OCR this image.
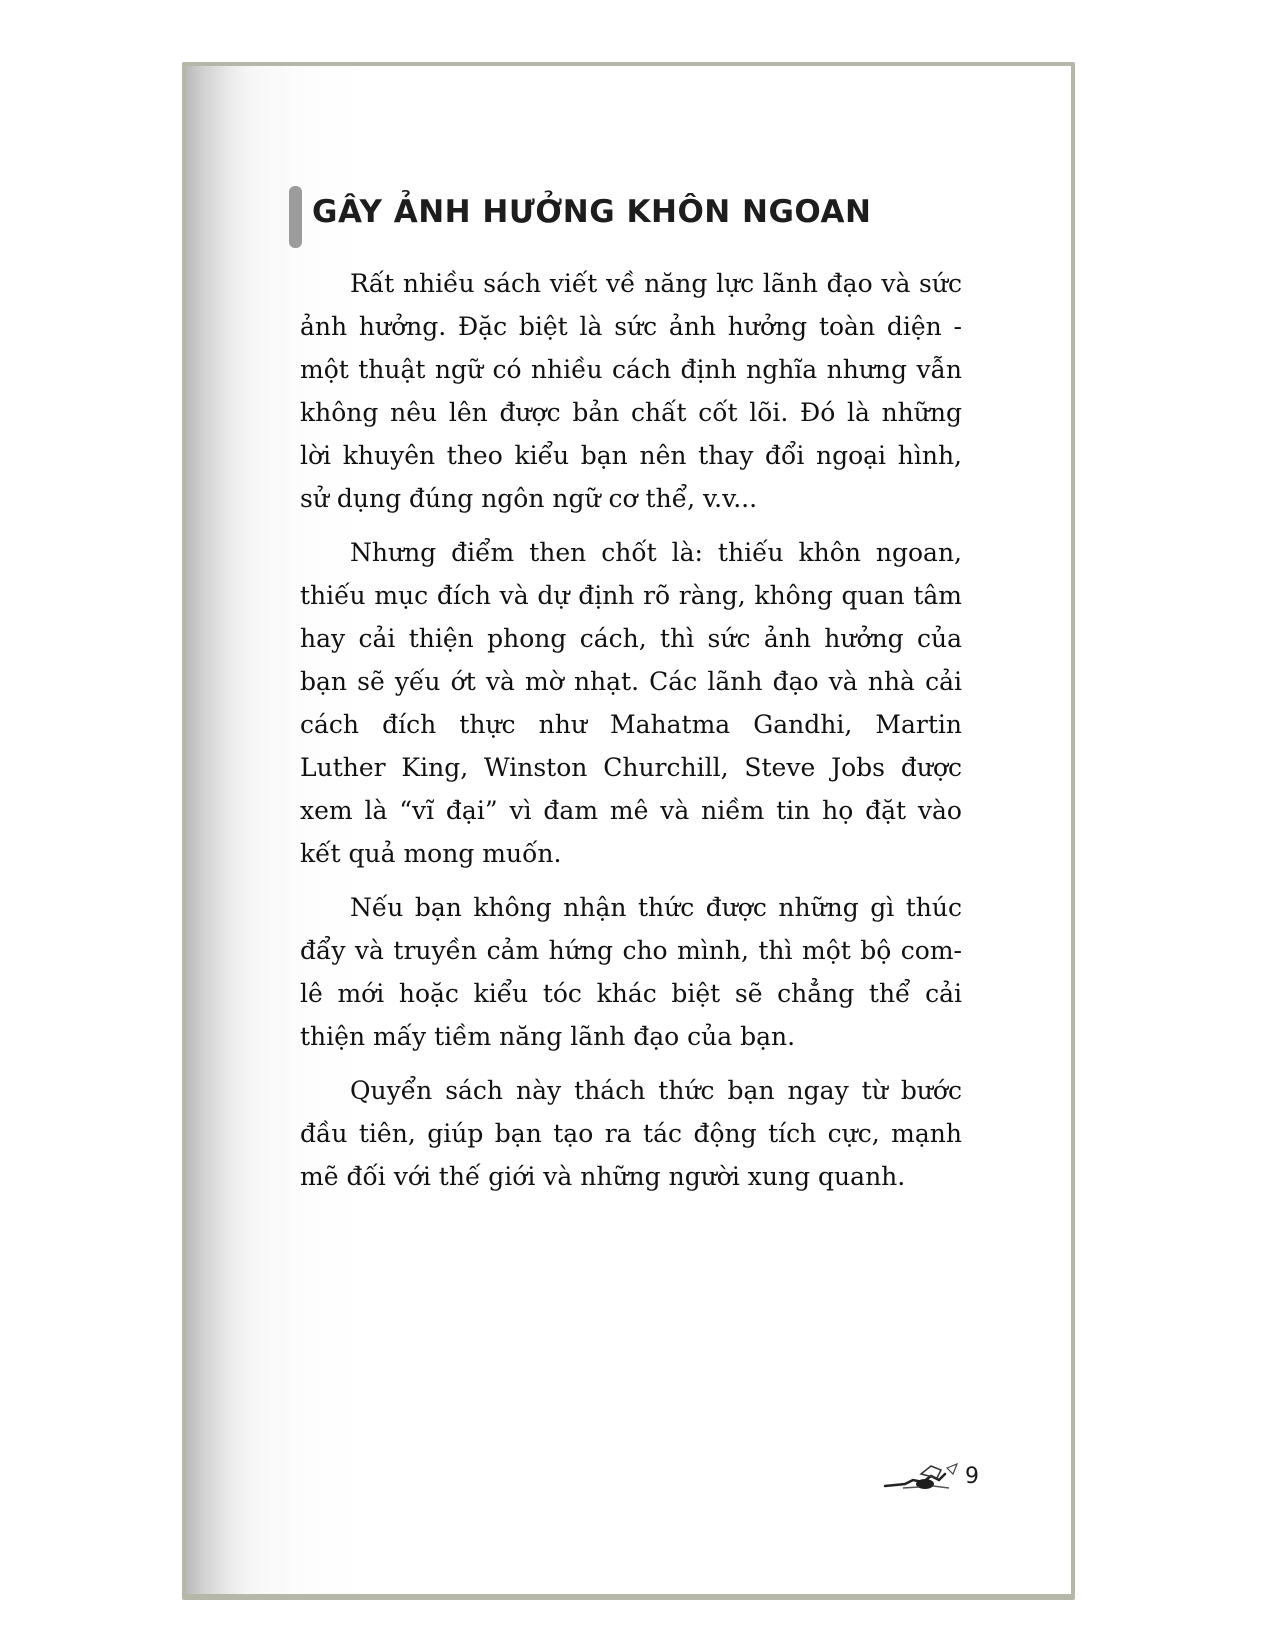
GÂY ẢNH HƯỞNG KHÔN NGOAN

Rất nhiều sách viết về năng lực lãnh đạo và sức ảnh hưởng. Đặc biệt là sức ảnh hưởng toàn diện - một thuật ngữ có nhiều cách định nghĩa nhưng vẫn không nêu lên được bản chất cốt lõi. Đó là những lời khuyên theo kiểu bạn nên thay đổi ngoại hình, sử dụng đúng ngôn ngữ cơ thể, v.v...

Nhưng điểm then chốt là: thiếu khôn ngoan, thiếu mục đích và dự định rõ ràng, không quan tâm hay cải thiện phong cách, thì sức ảnh hưởng của bạn sẽ yếu ớt và mờ nhạt. Các lãnh đạo và nhà cải cách đích thực như Mahatma Gandhi, Martin Luther King, Winston Churchill, Steve Jobs được xem là “vĩ đại” vì đam mê và niềm tin họ đặt vào kết quả mong muốn.

Nếu bạn không nhận thức được những gì thúc đẩy và truyền cảm hứng cho mình, thì một bộ com-lê mới hoặc kiểu tóc khác biệt sẽ chẳng thể cải thiện mấy tiềm năng lãnh đạo của bạn.

Quyển sách này thách thức bạn ngay từ bước đầu tiên, giúp bạn tạo ra tác động tích cực, mạnh mẽ đối với thế giới và những người xung quanh.

9
